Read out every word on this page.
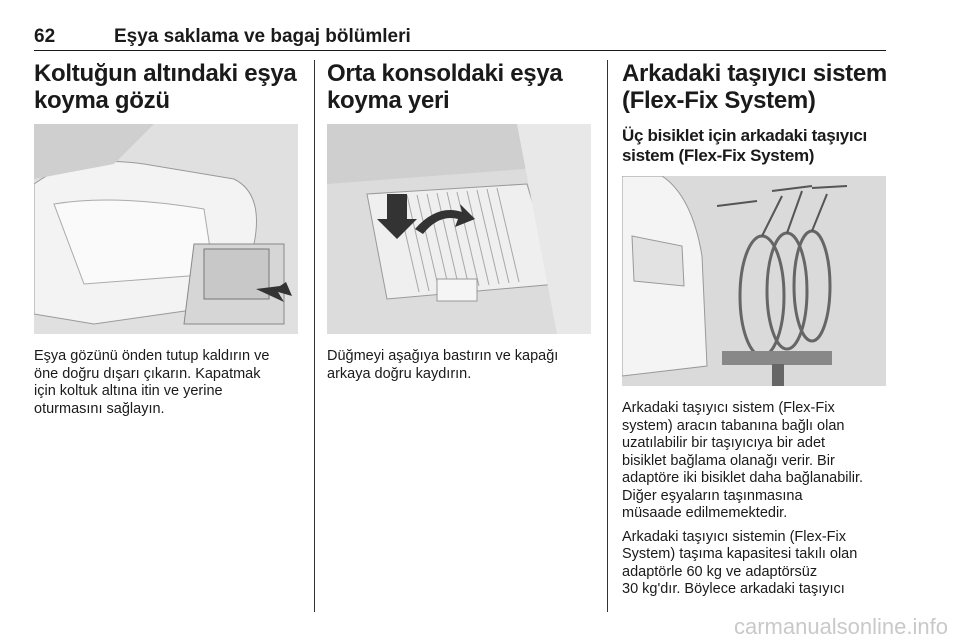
62	Eşya saklama ve bagaj bölümleri
Koltuğun altındaki eşya
koyma gözü

Eşya gözünü önden tutup kaldırın ve
öne doğru dışarı çıkarın. Kapatmak
için koltuk altına itin ve yerine
oturmasını sağlayın.

Orta konsoldaki eşya
koyma yeri

Düğmeyi aşağıya bastırın ve kapağı
arkaya doğru kaydırın.

Arkadaki taşıyıcı sistem
(Flex-Fix System)
Üç bisiklet için arkadaki taşıyıcı
sistem (Flex-Fix System)

Arkadaki taşıyıcı sistem (Flex-Fix
system) aracın tabanına bağlı olan
uzatılabilir bir taşıyıcıya bir adet
bisiklet bağlama olanağı verir. Bir
adaptöre iki bisiklet daha bağlanabilir.
Diğer eşyaların taşınmasına
müsaade edilmemektedir.

Arkadaki taşıyıcı sistemin (Flex-Fix
System) taşıma kapasitesi takılı olan
adaptörle 60 kg ve adaptörsüz
30 kg'dır. Böylece arkadaki taşıyıcı

carmanualsonline.info
